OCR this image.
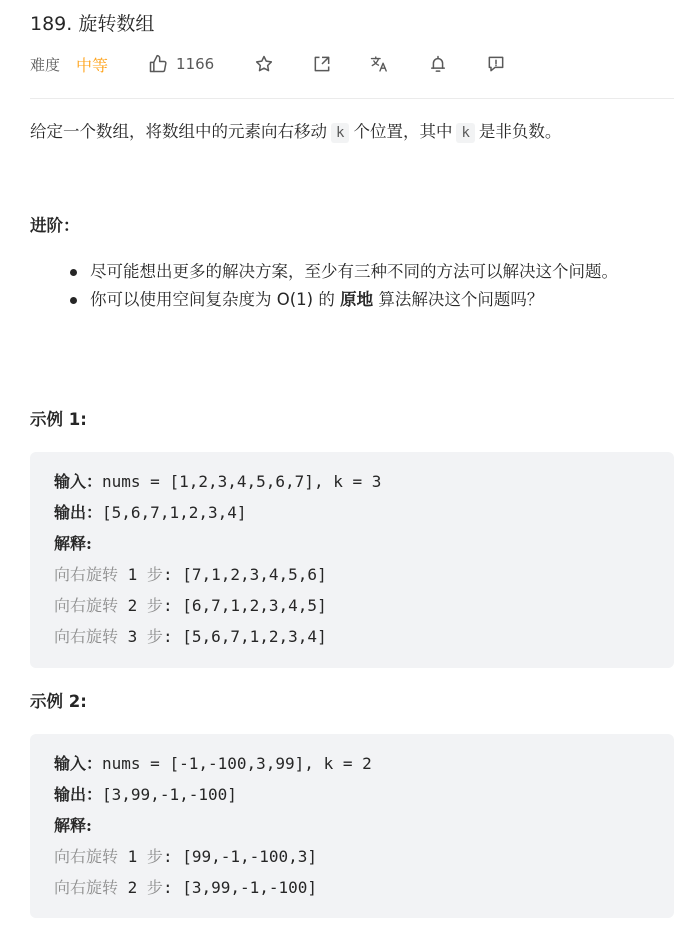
189. 旋转数组
难度 中等	1166
给定一个数组，将数组中的元素向右移动 k 个位置，其中 k 是非负数。
进阶：
尽可能想出更多的解决方案，至少有三种不同的方法可以解决这个问题。
你可以使用空间复杂度为 O(1) 的 原地 算法解决这个问题吗？
示例 1:
输入：nums = [1,2,3,4,5,6,7], k = 3
输出：[5,6,7,1,2,3,4]
解释:
向右旋转 1 步: [7,1,2,3,4,5,6]
向右旋转 2 步: [6,7,1,2,3,4,5]
向右旋转 3 步: [5,6,7,1,2,3,4]
示例 2:
输入：nums = [-1,-100,3,99], k = 2
输出：[3,99,-1,-100]
解释:
向右旋转 1 步: [99,-1,-100,3]
向右旋转 2 步: [3,99,-1,-100]
